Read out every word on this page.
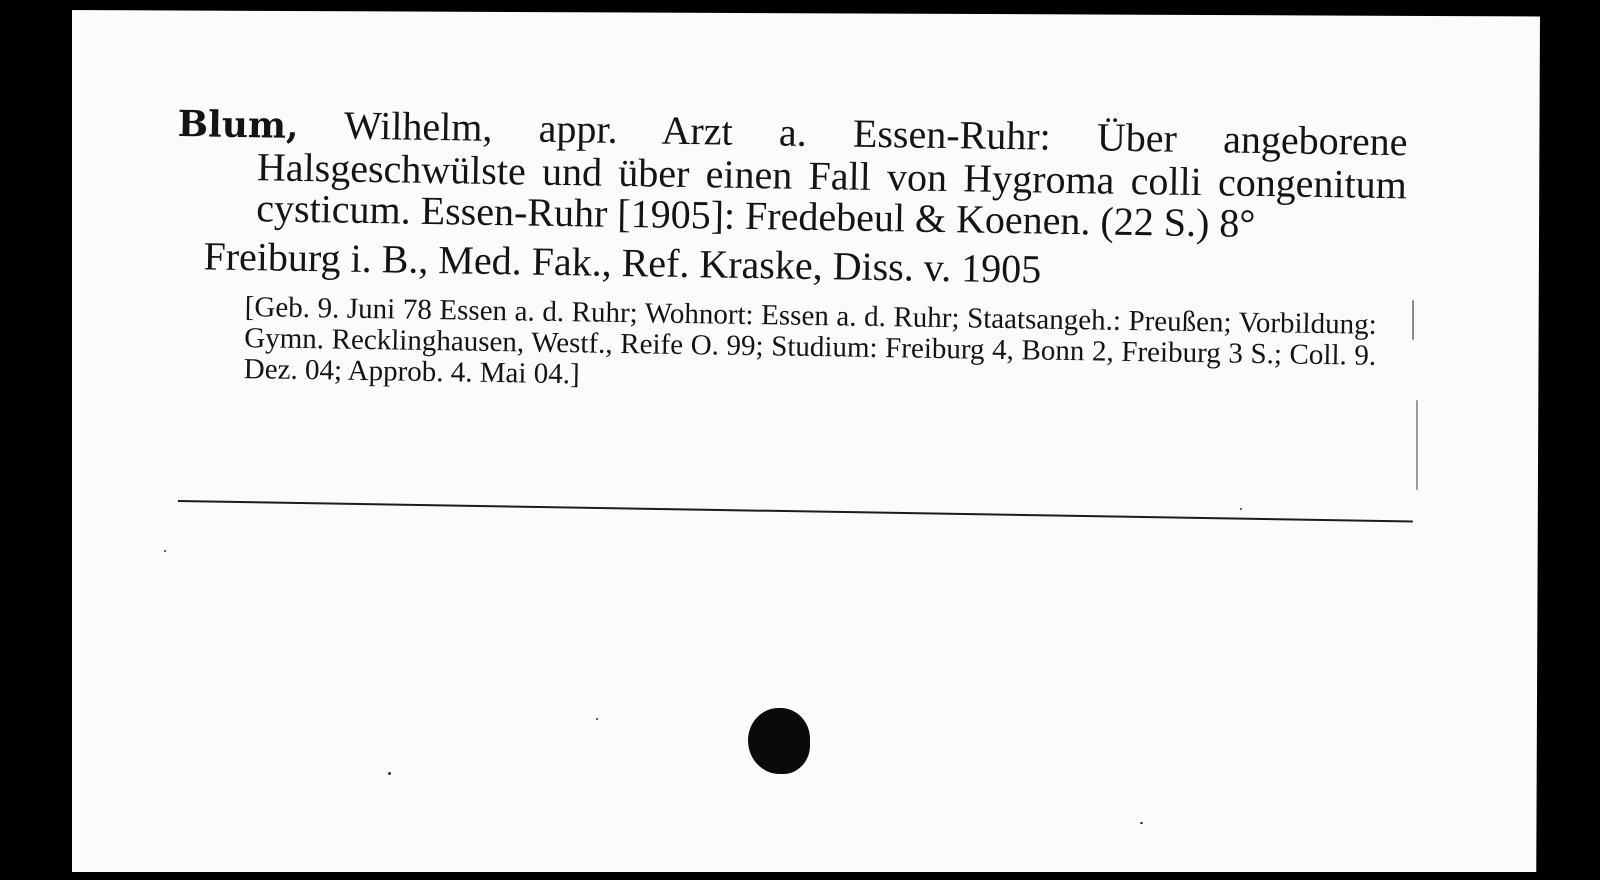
Blum, Wilhelm, appr. Arzt a. Essen-Ruhr: Über angeborene Halsgeschwülste und über einen Fall von Hygroma colli congenitum cysticum. Essen-Ruhr [1905]: Fredebeul & Koenen. (22 S.) 8°

Freiburg i. B., Med. Fak., Ref. Kraske, Diss. v. 1905

[Geb. 9. Juni 78 Essen a. d. Ruhr; Wohnort: Essen a. d. Ruhr; Staatsangeh.: Preußen; Vorbildung: Gymn. Recklinghausen, Westf., Reife O. 99; Studium: Freiburg 4, Bonn 2, Freiburg 3 S.; Coll. 9. Dez. 04; Approb. 4. Mai 04.]
